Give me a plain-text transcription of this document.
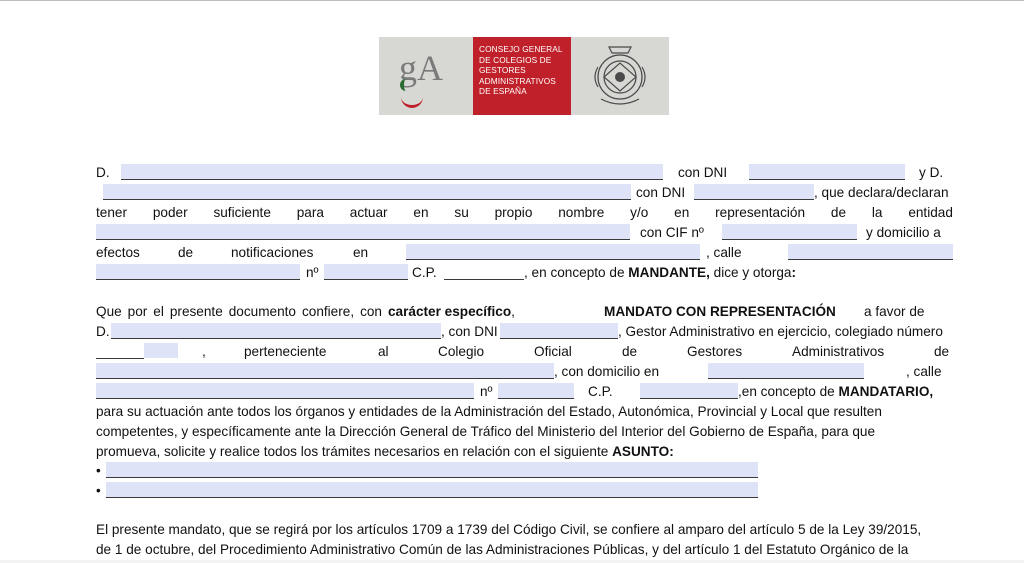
gA	CONSEJO GENERAL
DE COLEGIOS DE
GESTORES
ADMINISTRATIVOS
DE ESPAÑA
D.	con DNI	y D.
con DNI	, que declara/declaran
tener poder suficiente para actuar en su propio nombre y/o en representación de la entidad
con CIF nº	y domicilio a
efectos	de	notificaciones	en	, calle
nº	C.P.	, en concepto de MANDANTE, dice y otorga:
Que por el presente documento confiere, con carácter específico,	MANDATO CON REPRESENTACIÓN a favor de
D.	, con DNI	, Gestor Administrativo en ejercicio, colegiado número
,	perteneciente	al	Colegio	Oficial	de	Gestores	Administrativos	de
, con domicilio en	, calle
nº	C.P.	,en concepto de MANDATARIO,
para su actuación ante todos los órganos y entidades de la Administración del Estado, Autonómica, Provincial y Local que resulten
competentes, y específicamente ante la Dirección General de Tráfico del Ministerio del Interior del Gobierno de España, para que
promueva, solicite y realice todos los trámites necesarios en relación con el siguiente ASUNTO:
•
•
El presente mandato, que se regirá por los artículos 1709 a 1739 del Código Civil, se confiere al amparo del artículo 5 de la Ley 39/2015,
de 1 de octubre, del Procedimiento Administrativo Común de las Administraciones Públicas, y del artículo 1 del Estatuto Orgánico de la
